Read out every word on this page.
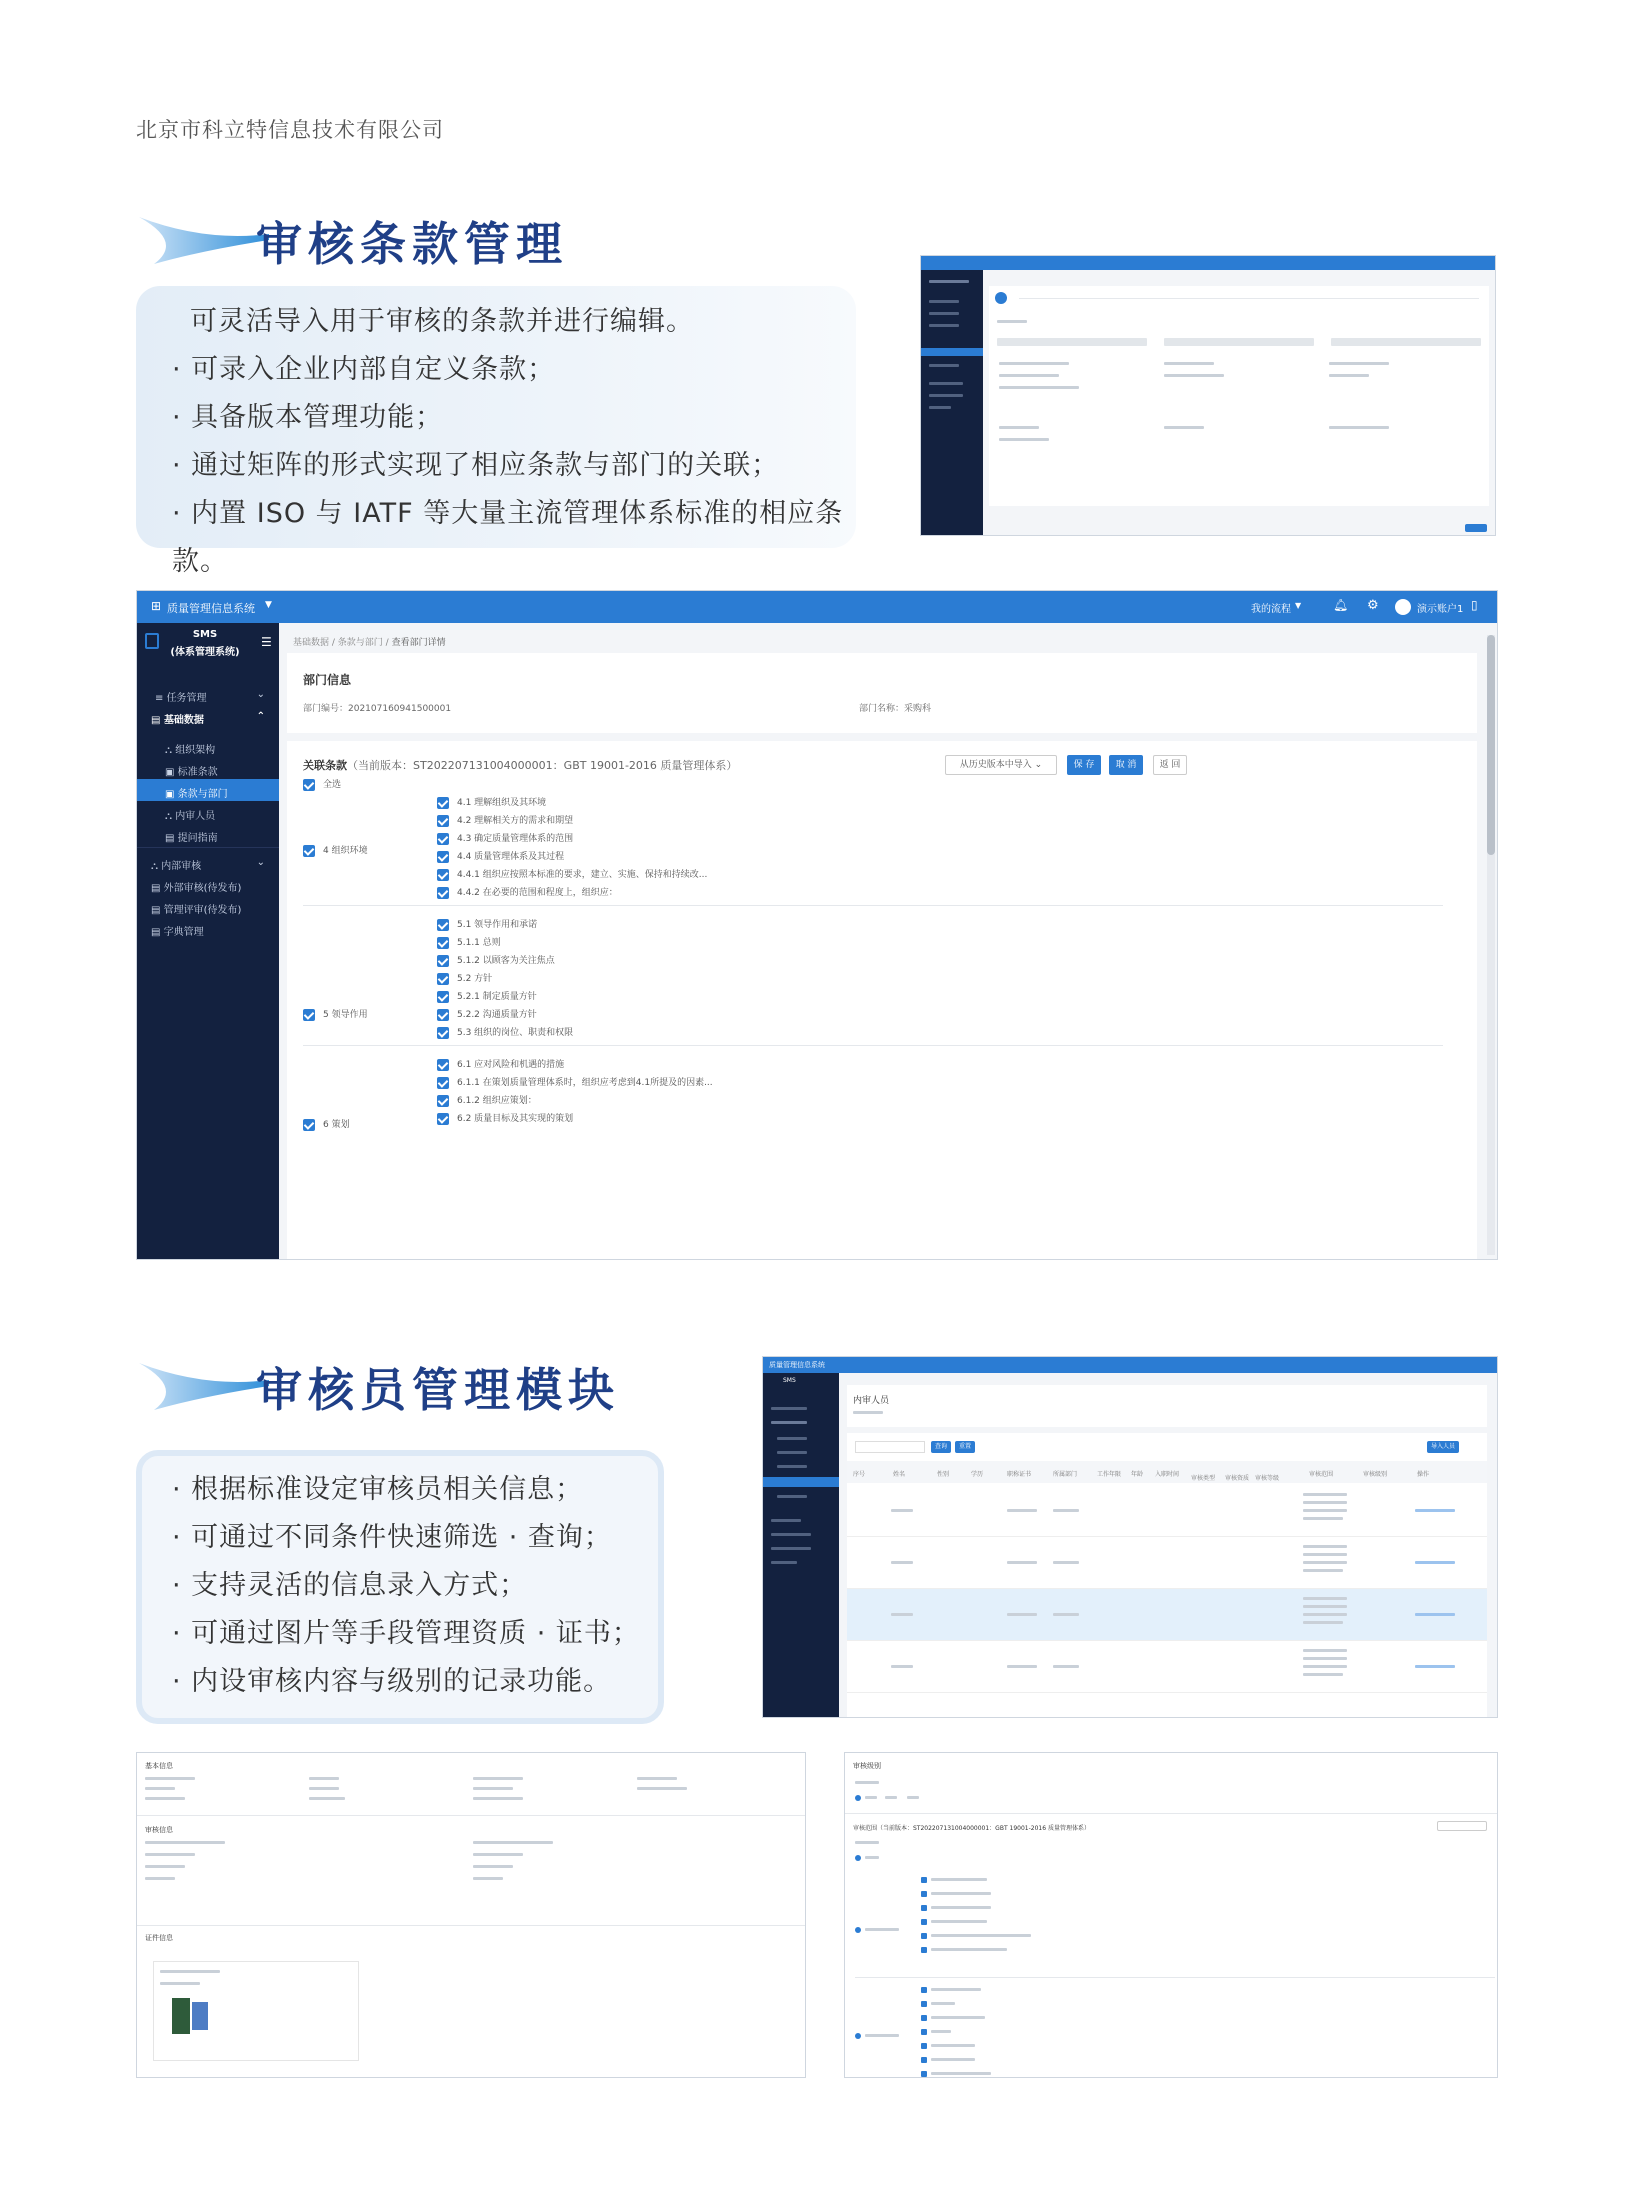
北京市科立特信息技术有限公司
审核条款管理
可灵活导入用于审核的条款并进行编辑。
· 可录入企业内部自定义条款；
· 具备版本管理功能；
· 通过矩阵的形式实现了相应条款与部门的关联；
· 内置 ISO 与 IATF 等大量主流管理体系标准的相应条款。
⊞ 质量管理信息系统 ▼	我的流程 ▼	🔔︎ ⚙	演示账户1 ▯
SMS
(体系管理系统)
☰
≡ 任务管理	⌄
▤ 基础数据	⌃
⛬ 组织架构
▣ 标准条款
▣ 条款与部门
⛬ 内审人员
▤ 提问指南
⛬ 内部审核	⌄
▤ 外部审核(待发布)
▤ 管理评审(待发布)
▤ 字典管理
基础数据 / 条款与部门 / 查看部门详情
部门信息
部门编号：202107160941500001	部门名称：采购科
关联条款（当前版本：ST202207131004000001：GBT 19001-2016 质量管理体系）	从历史版本中导入 ⌄	保 存	取 消	返 回
全选
4 组织环境
4.1 理解组织及其环境
4.2 理解相关方的需求和期望
4.3 确定质量管理体系的范围
4.4 质量管理体系及其过程
4.4.1 组织应按照本标准的要求，建立、实施、保持和持续改...
4.4.2 在必要的范围和程度上，组织应：
5 领导作用
5.1 领导作用和承诺
5.1.1 总则
5.1.2 以顾客为关注焦点
5.2 方针
5.2.1 制定质量方针
5.2.2 沟通质量方针
5.3 组织的岗位、职责和权限
6 策划
6.1 应对风险和机遇的措施
6.1.1 在策划质量管理体系时，组织应考虑到4.1所提及的因素...
6.1.2 组织应策划：
6.2 质量目标及其实现的策划
审核员管理模块
· 根据标准设定审核员相关信息；
· 可通过不同条件快速筛选 · 查询；
· 支持灵活的信息录入方式；
· 可通过图片等手段管理资质 · 证书；
· 内设审核内容与级别的记录功能。
质量管理信息系统
SMS
内审人员
查询	重置	导入人员
序号	姓名	性别	学历	职称证书	所属部门	工作年限 年龄 入职时间
审核类型 审核资质 审核等级
审核范围	审核级别	操作
基本信息
审核信息
证件信息
审核级别
审核范围（当前版本：ST202207131004000001：GBT 19001-2016 质量管理体系）
